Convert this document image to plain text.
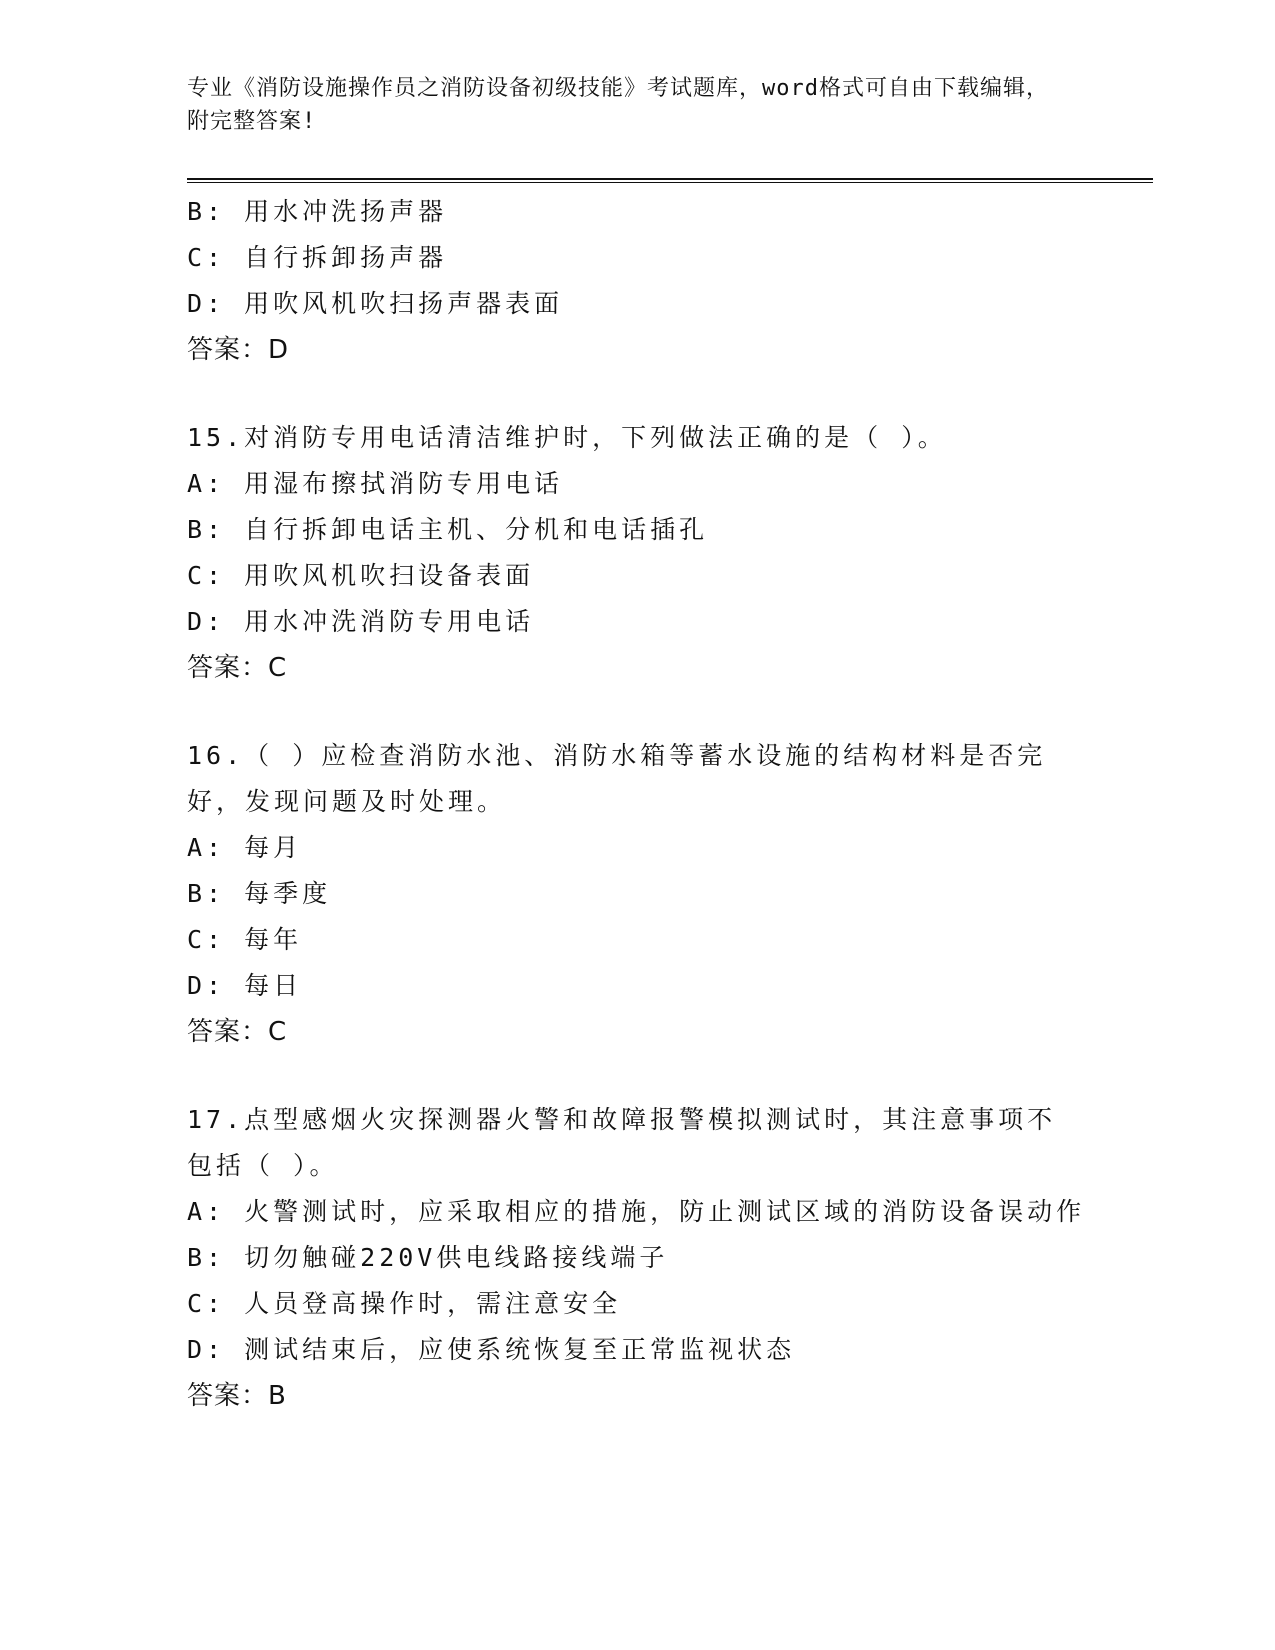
专业《消防设施操作员之消防设备初级技能》考试题库，word格式可自由下载编辑，附完整答案!
B: 用水冲洗扬声器
C: 自行拆卸扬声器
D: 用吹风机吹扫扬声器表面
答案：D
15.对消防专用电话清洁维护时，下列做法正确的是（ ）。
A: 用湿布擦拭消防专用电话
B: 自行拆卸电话主机、分机和电话插孔
C: 用吹风机吹扫设备表面
D: 用水冲洗消防专用电话
答案：C
16.（ ）应检查消防水池、消防水箱等蓄水设施的结构材料是否完好，发现问题及时处理。
A: 每月
B: 每季度
C: 每年
D: 每日
答案：C
17.点型感烟火灾探测器火警和故障报警模拟测试时，其注意事项不包括（ ）。
A: 火警测试时，应采取相应的措施，防止测试区域的消防设备误动作
B: 切勿触碰220V供电线路接线端子
C: 人员登高操作时，需注意安全
D: 测试结束后，应使系统恢复至正常监视状态
答案：B
